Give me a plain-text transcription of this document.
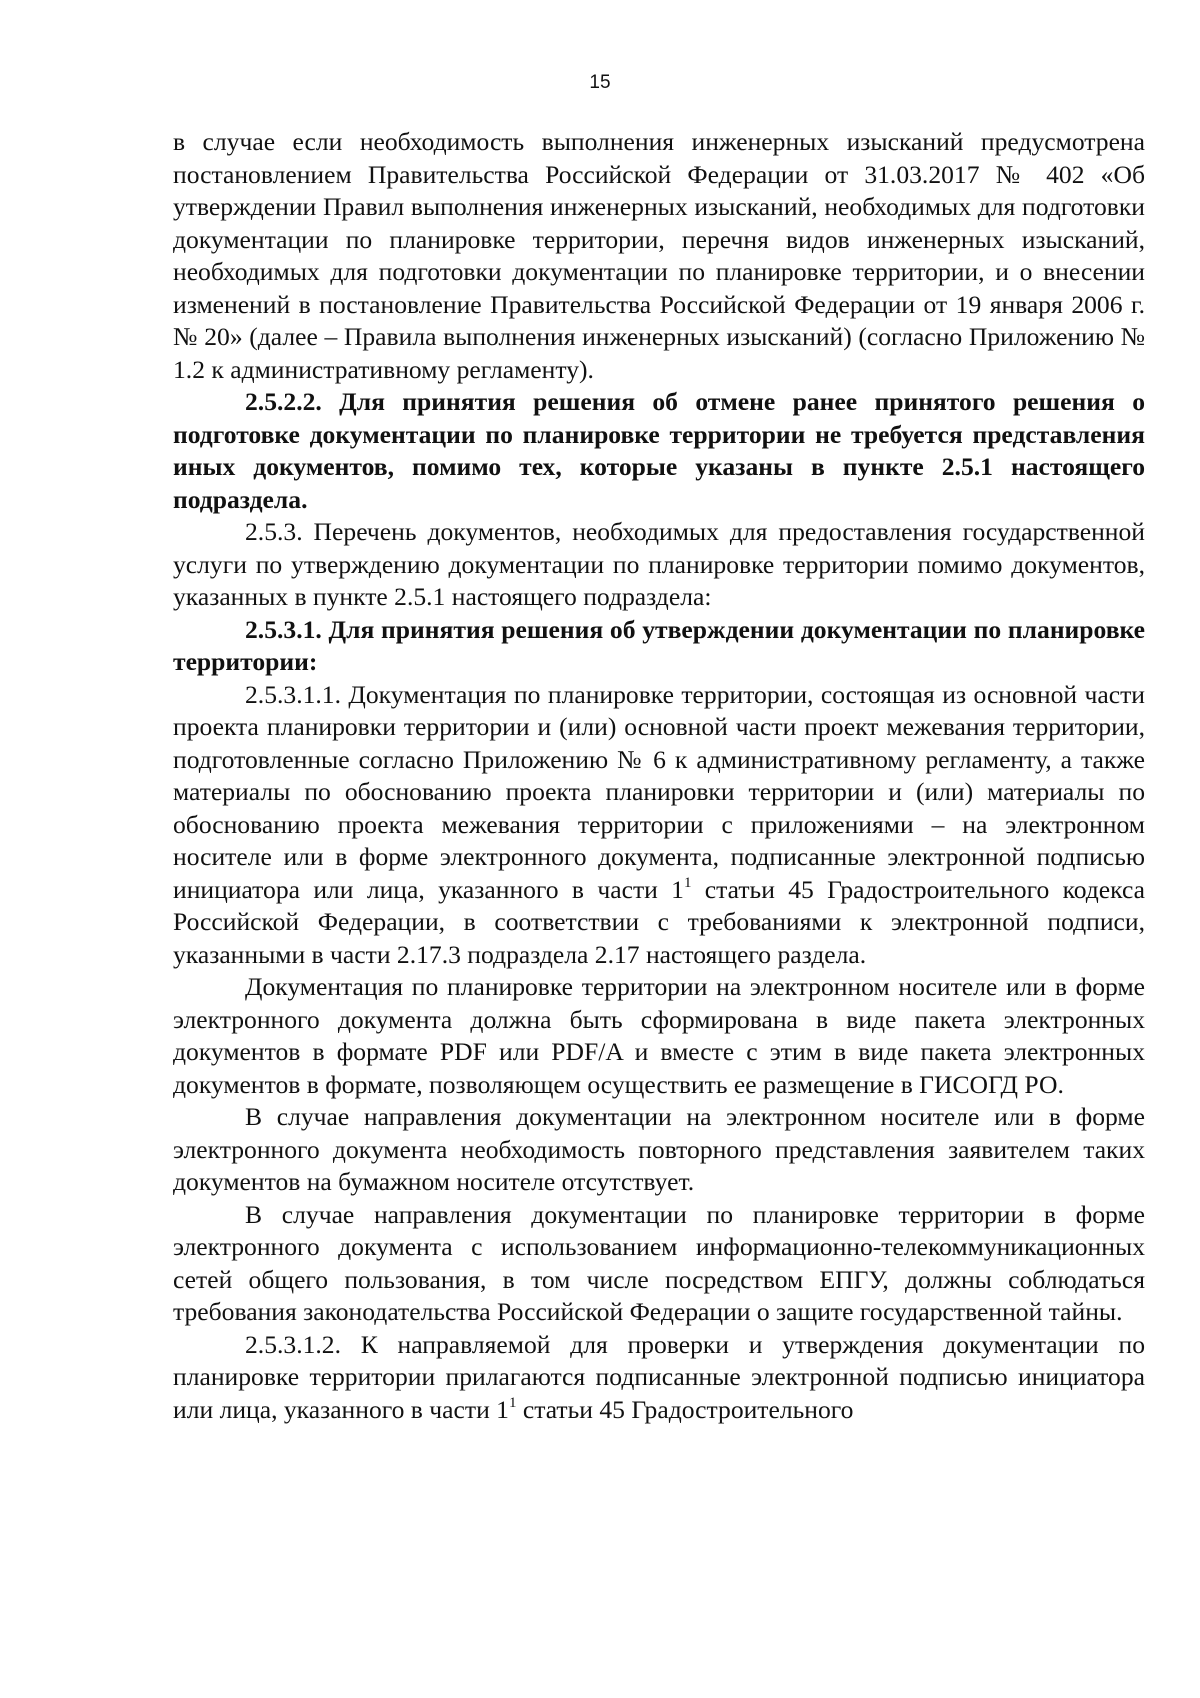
15

в случае если необходимость выполнения инженерных изысканий предусмотрена постановлением Правительства Российской Федерации от 31.03.2017 № 402 «Об утверждении Правил выполнения инженерных изысканий, необходимых для подготовки документации по планировке территории, перечня видов инженерных изысканий, необходимых для подготовки документации по планировке территории, и о внесении изменений в постановление Правительства Российской Федерации от 19 января 2006 г. № 20» (далее – Правила выполнения инженерных изысканий) (согласно Приложению № 1.2 к административному регламенту).

2.5.2.2. Для принятия решения об отмене ранее принятого решения о подготовке документации по планировке территории не требуется представления иных документов, помимо тех, которые указаны в пункте 2.5.1 настоящего подраздела.

2.5.3. Перечень документов, необходимых для предоставления государственной услуги по утверждению документации по планировке территории помимо документов, указанных в пункте 2.5.1 настоящего подраздела:

2.5.3.1. Для принятия решения об утверждении документации по планировке территории:

2.5.3.1.1. Документация по планировке территории, состоящая из основной части проекта планировки территории и (или) основной части проект межевания территории, подготовленные согласно Приложению № 6 к административному регламенту, а также материалы по обоснованию проекта планировки территории и (или) материалы по обоснованию проекта межевания территории с приложениями – на электронном носителе или в форме электронного документа, подписанные электронной подписью инициатора или лица, указанного в части $1^1$ статьи 45 Градостроительного кодекса Российской Федерации, в соответствии с требованиями к электронной подписи, указанными в части 2.17.3 подраздела 2.17 настоящего раздела.

Документация по планировке территории на электронном носителе или в форме электронного документа должна быть сформирована в виде пакета электронных документов в формате PDF или PDF/A и вместе с этим в виде пакета электронных документов в формате, позволяющем осуществить ее размещение в ГИСОГД РО.

В случае направления документации на электронном носителе или в форме электронного документа необходимость повторного представления заявителем таких документов на бумажном носителе отсутствует.

В случае направления документации по планировке территории в форме электронного документа с использованием информационно-телекоммуникационных сетей общего пользования, в том числе посредством ЕПГУ, должны соблюдаться требования законодательства Российской Федерации о защите государственной тайны.

2.5.3.1.2. К направляемой для проверки и утверждения документации по планировке территории прилагаются подписанные электронной подписью инициатора или лица, указанного в части $1^1$ статьи 45 Градостроительного
